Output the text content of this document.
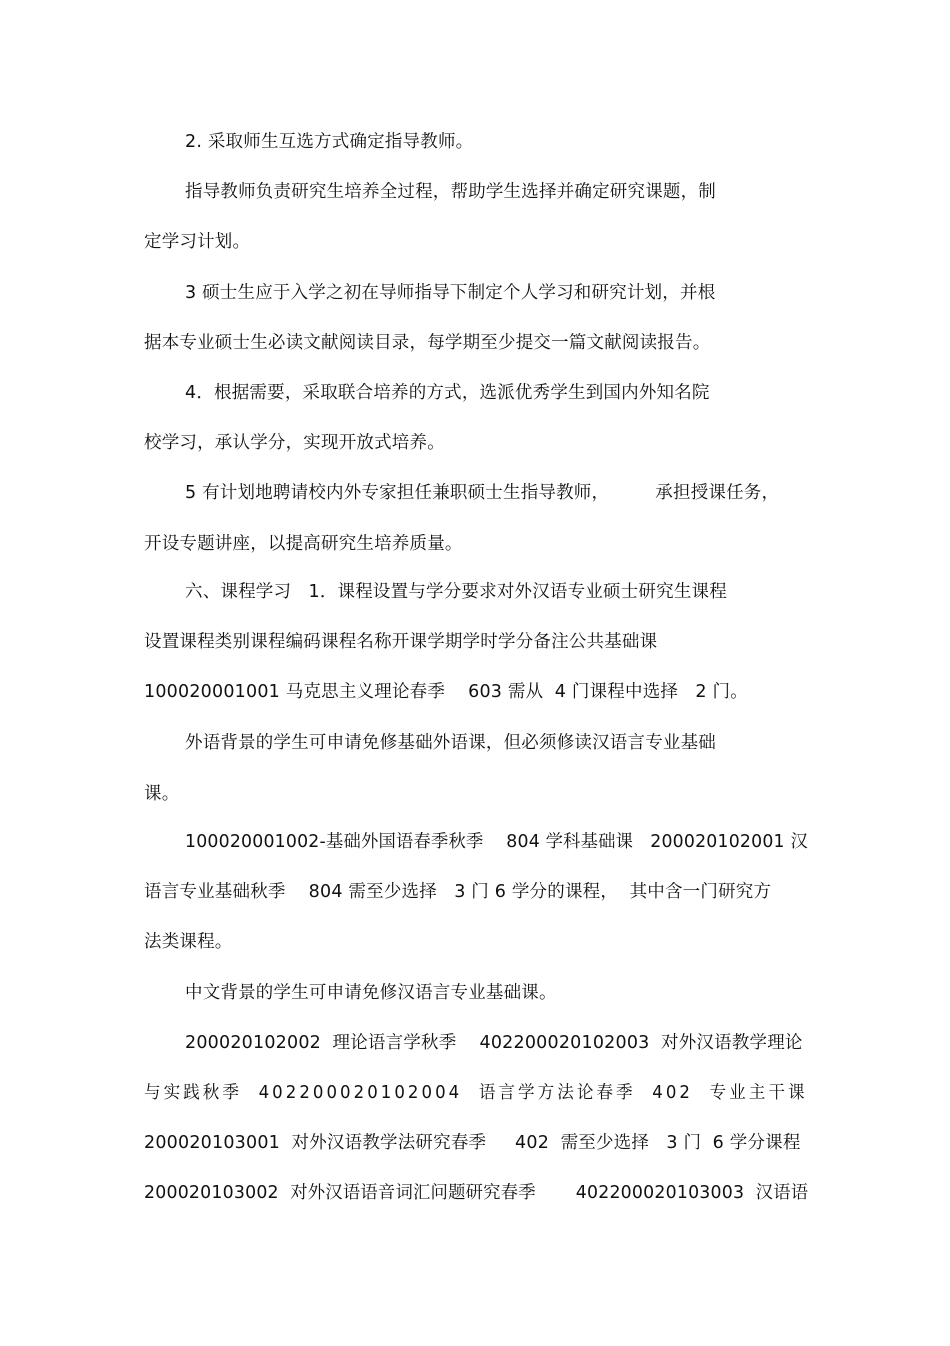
2. 采取师生互选方式确定指导教师。
指导教师负责研究生培养全过程，帮助学生选择并确定研究课题，制
定学习计划。
3 硕士生应于入学之初在导师指导下制定个人学习和研究计划，并根
据本专业硕士生必读文献阅读目录，每学期至少提交一篇文献阅读报告。
4．根据需要，采取联合培养的方式，选派优秀学生到国内外知名院
校学习，承认学分，实现开放式培养。
5 有计划地聘请校内外专家担任兼职硕士生指导教师，        承担授课任务，
开设专题讲座，以提高研究生培养质量。
六、课程学习   1．课程设置与学分要求对外汉语专业硕士研究生课程
设置课程类别课程编码课程名称开课学期学时学分备注公共基础课
100020001001 马克思主义理论春季    603 需从  4 门课程中选择   2 门。
外语背景的学生可申请免修基础外语课，但必须修读汉语言专业基础
课。
100020001002-基础外国语春季秋季    804 学科基础课   200020102001 汉
语言专业基础秋季    804 需至少选择   3 门 6 学分的课程，  其中含一门研究方
法类课程。
中文背景的学生可申请免修汉语言专业基础课。
200020102002  理论语言学秋季    402200020102003  对外汉语教学理论
与实践秋季  402200020102004  语言学方法论春季  402  专业主干课
200020103001  对外汉语教学法研究春季     402  需至少选择   3 门  6 学分课程
200020103002  对外汉语语音词汇问题研究春季       402200020103003  汉语语
